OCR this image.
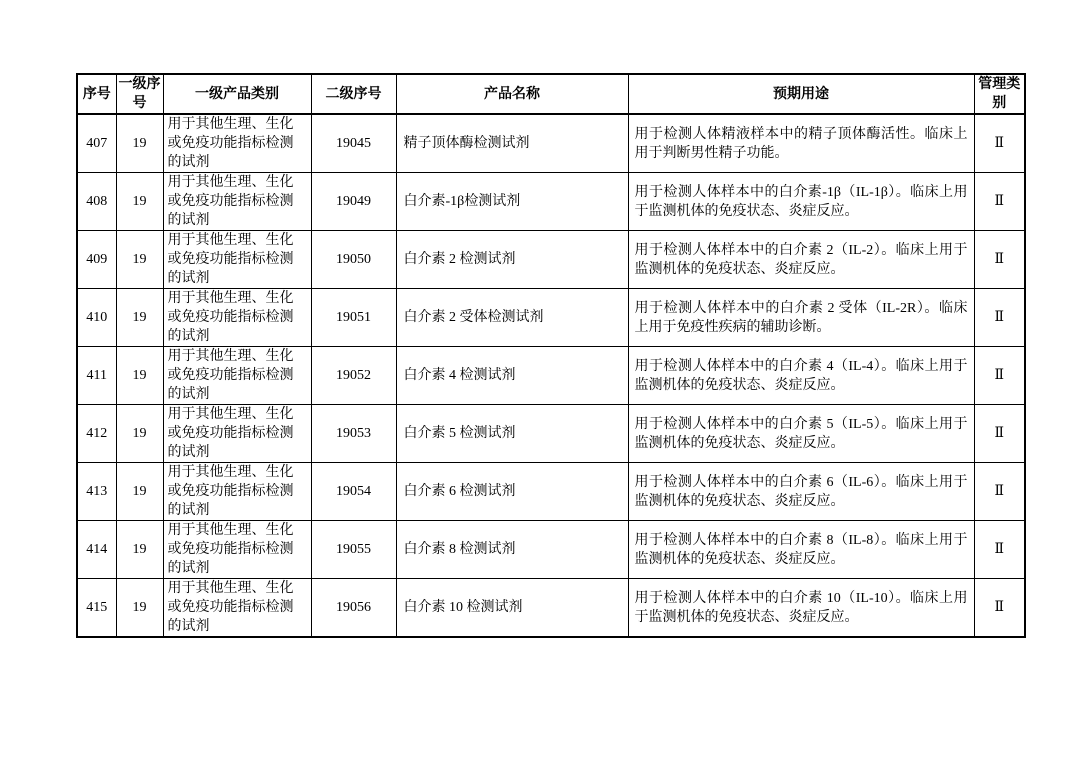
序号	一级序号	一级产品类别	二级序号	产品名称	预期用途	管理类别
407	19	用于其他生理、生化或免疫功能指标检测的试剂	19045	精子顶体酶检测试剂	用于检测人体精液样本中的精子顶体酶活性。临床上用于判断男性精子功能。	Ⅱ
408	19	用于其他生理、生化或免疫功能指标检测的试剂	19049	白介素-1β检测试剂	用于检测人体样本中的白介素-1β（IL-1β）。临床上用于监测机体的免疫状态、炎症反应。	Ⅱ
409	19	用于其他生理、生化或免疫功能指标检测的试剂	19050	白介素 2 检测试剂	用于检测人体样本中的白介素 2（IL-2）。临床上用于监测机体的免疫状态、炎症反应。	Ⅱ
410	19	用于其他生理、生化或免疫功能指标检测的试剂	19051	白介素 2 受体检测试剂	用于检测人体样本中的白介素 2 受体（IL-2R）。临床上用于免疫性疾病的辅助诊断。	Ⅱ
411	19	用于其他生理、生化或免疫功能指标检测的试剂	19052	白介素 4 检测试剂	用于检测人体样本中的白介素 4（IL-4）。临床上用于监测机体的免疫状态、炎症反应。	Ⅱ
412	19	用于其他生理、生化或免疫功能指标检测的试剂	19053	白介素 5 检测试剂	用于检测人体样本中的白介素 5（IL-5）。临床上用于监测机体的免疫状态、炎症反应。	Ⅱ
413	19	用于其他生理、生化或免疫功能指标检测的试剂	19054	白介素 6 检测试剂	用于检测人体样本中的白介素 6（IL-6）。临床上用于监测机体的免疫状态、炎症反应。	Ⅱ
414	19	用于其他生理、生化或免疫功能指标检测的试剂	19055	白介素 8 检测试剂	用于检测人体样本中的白介素 8（IL-8）。临床上用于监测机体的免疫状态、炎症反应。	Ⅱ
415	19	用于其他生理、生化或免疫功能指标检测的试剂	19056	白介素 10 检测试剂	用于检测人体样本中的白介素 10（IL-10）。临床上用于监测机体的免疫状态、炎症反应。	Ⅱ
